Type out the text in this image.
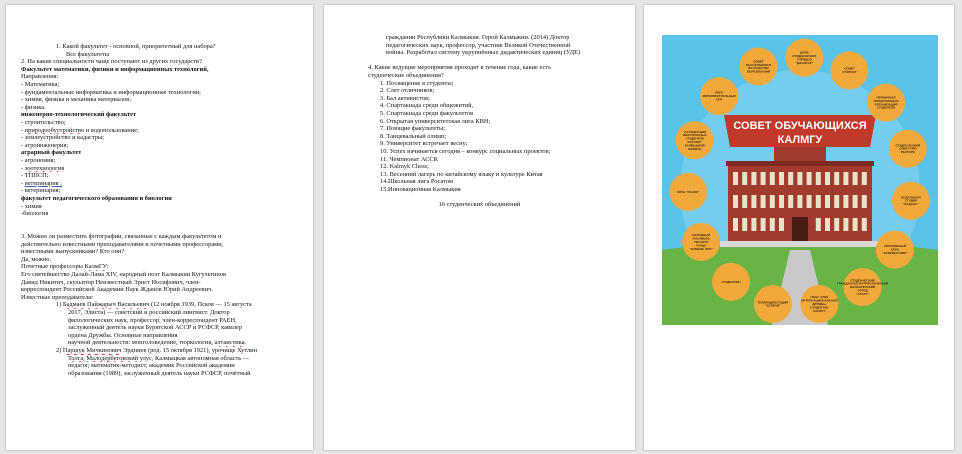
1. Какой факультет - основной, приоритетный для набора?
Все факультеты
2. На какие специальности чаще поступают из других государств?
Факультет математики, физики и информационных технологий,
Направления:
- Математика;
- фундаментальные информатика и информационные технологии;
- химия, физика и механика материалов;
- физика.
инженерно-технологический факультет
- строительство;
- природообустройство и водопользование;
- землеустройство и кадастры;
- агроинженерия;
аграрный факультет
- агрономия;
- зоотехнология
- ТППСП;
- ветеринария ;
- ветеринария;
факультет педагогического образования и биологии
- химия
-биология
3. Можно ли разместить фотографии, связанные с каждым факультетом и
действительно известными преподавателями и почетными профессорами,
известными выпускниками? Кто они?
Да, можно.
Почетные профессоры КалмГУ:
Его святейшество Далай-Лама XIV, народный поэт Калмыкии Кугультинов
Давид Никитич, скульптор Неизвестный Эрнст Иосифович, член-
корреспондент Российской Академии Наук Жданов Юрий Андреевич.
Известные преподаватели:
1) Бадмаев Пайжарыч Васильевич (12 ноября 1939, Псков — 15 августа
2017, Элиста) — советский и российский лингвист. Доктор
филологических наук, профессор, член-корреспондент РАЕН,
заслуженный деятель науки Бурятской АССР и РСФСР, кавалер
ордена Дружбы. Основные направления
научной деятельности: монголоведение, тюркология, алтаистика.
2) Паршук Мичкинович Эрдниев (род. 15 октября 1921), урочище Хутлин
Толга, Малодербетовский улус, Калмыцкая автономная область —
педагог, математик-методист, академик Российской академии
образования (1989), заслуженный деятель науки РСФСР, почётный
гражданин Республики Калмыкия. Герой Калмыкии. (2014) Доктор
педагогических наук, профессор, участник Великой Отечественной
войны. Разработал систему укрупнённых дидактических единиц (УДЕ)
4. Какие ведущие мероприятия проходят в течение года, какие есть
студенческие объединения?
1. Посвящение в студенты;
2. Слет отличников;
3. Бал активистов;
4. Спартакиада среди общежитий,
5. Спартакиада среди факультетов
6. Открытая университетская лига КВН;
7. Поющие факультеты;
8. Танцевальный олимп;
9. Университет встречает весну;
10. Успех начинается сегодня – конкурс социальных проектов;
11. Чемпионат АССК
12. Kalmyk Chess;
13. Весенний лагерь по китайскому языку и культуре Китая
14.Школьная лига Росатом
15.Инновационная Калмыкия
16 студенческих объединений
СОВЕТ ОБУЧАЮЩИХСЯ
КАЛМГУ
СОВЕТ ОБУЧАЮЩИХСЯ ПО КАЧЕСТВУ ОБРАЗОВАНИЯ
ШТАБ СТУДЕНЧЕСКИХ ОТРЯДОВ "ДЖАНГАР"
СОВЕТ СТАРОСТ
ПЕРВИЧНАЯ ПРОФСОЮЗНАЯ ОРГАНИЗАЦИЯ СТУДЕНТОВ
СТУДЕНЧЕСКИЙ СОВЕТ ПРИ РЕКТОРЕ
ВОКАЛЬНАЯ СТУДИЯ "КАДАНС"
СПОРТИВНЫЙ КЛУБ "БУРЕВЕСТНИК"
СТУДЕНЧЕСКИЙ ГРАЖДАНСКО-ПАТРИОТИЧЕСКИЙ ВОЛОНТЕРСКИЙ ОТРЯД "СТАРТ"
"ФАБ" КЛУБ ИНТЕРНАЦИОНАЛЬНОЙ ДРУЖБЫ СТУДЕНТОВ КАЛМГУ
ТЕЛЕРАДИОСТУДИЯ "БЕЛКАМ"
СТУДИЯ КВН
НАРОДНЫЙ АНСАМБЛЬ ПЕСНИ И ТАНЦА "БУМБИН ОРН"
КЛУБ "РАНОК"
"АССОЦИАЦИЯ ИНОСТРАННЫХ СТУДЕНТОВ РОССИИ" КАЛМЫЦКИЙ ФИЛИАЛ
ЛИГА ИНТЕЛЛЕКТУАЛЬНЫХ ИГР
